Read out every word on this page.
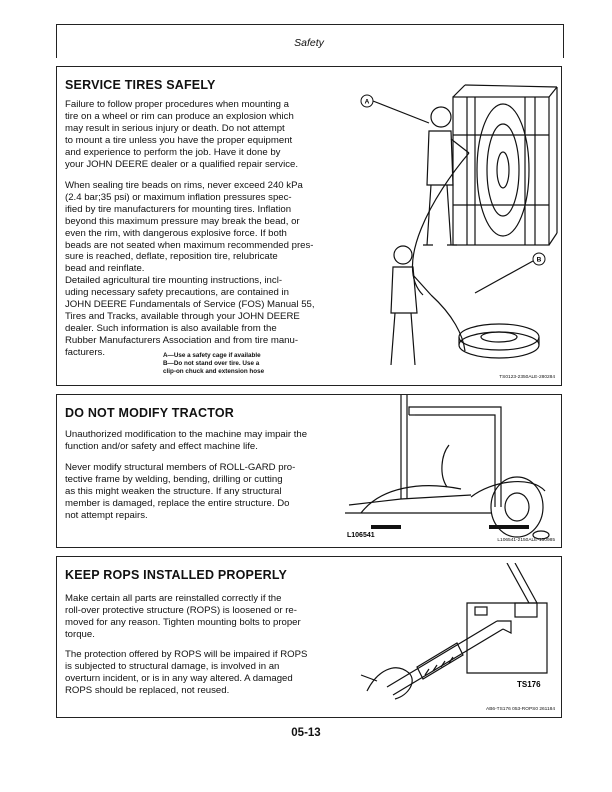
Safety
SERVICE TIRES SAFELY
Failure to follow proper procedures when mounting a
tire on a wheel or rim can produce an explosion which
may result in serious injury or death. Do not attempt
to mount a tire unless you have the proper equipment
and experience to perform the job. Have it done by
your JOHN DEERE dealer or a qualified repair service.
When sealing tire beads on rims, never exceed 240 kPa
(2.4 bar;35 psi) or maximum inflation pressures spec-
ified by tire manufacturers for mounting tires. Inflation
beyond this maximum pressure may break the bead, or
even the rim, with dangerous explosive force. If both
beads are not seated when maximum recommended pres-
sure is reached, deflate, reposition tire, relubricate
bead and reinflate.
Detailed agricultural tire mounting instructions, incl-
uding necessary safety precautions, are contained in
JOHN DEERE Fundamentals of Service (FOS) Manual 55,
Tires and Tracks, available through your JOHN DEERE
dealer. Such information is also available from the
Rubber Manufacturers Association and from tire manu-
facturers.	A—Use a safety cage if available
B—Do not stand over tire. Use a
clip-on chuck and extension hose
A
B
TS0123-2350ALE-280284
DO NOT MODIFY TRACTOR
Unauthorized modification to the machine may impair the
function and/or safety and effect machine life.
Never modify structural members of ROLL-GARD pro-
tective frame by welding, bending, drilling or cutting
as this might weaken the structure. If any structural
member is damaged, replace the entire structure. Do
not attempt repairs.
L106541
L106541-2150ALE-150985
KEEP ROPS INSTALLED PROPERLY
Make certain all parts are reinstalled correctly if the
roll-over protective structure (ROPS) is loosened or re-
moved for any reason. Tighten mounting bolts to proper
torque.
The protection offered by ROPS will be impaired if ROPS
is subjected to structural damage, is involved in an
overturn incident, or is in any way altered. A damaged
ROPS should be replaced, not reused.
TS176
AB6-TS176 053-ROPS0 261184
05-13
